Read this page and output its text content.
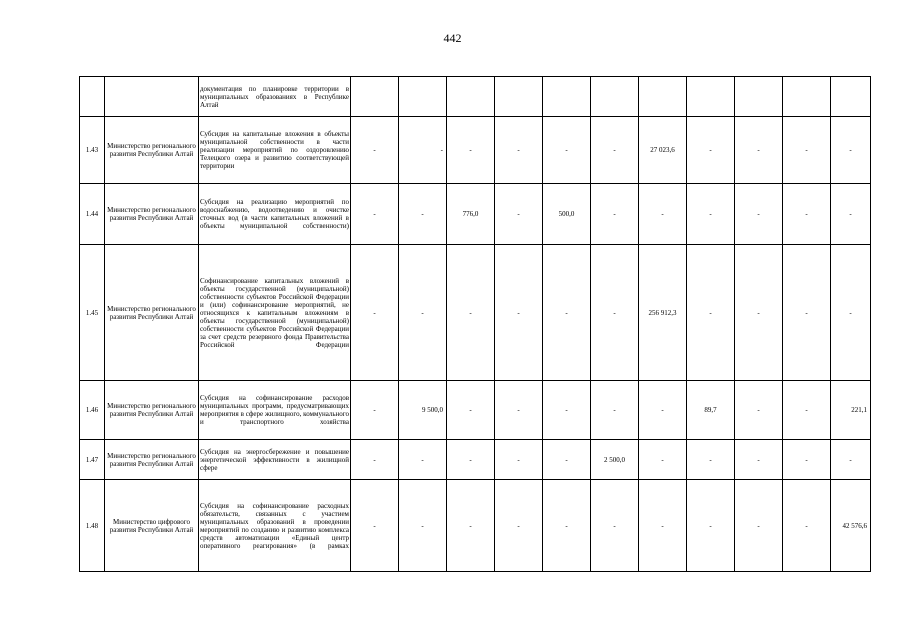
442
		документация по планировке территории в муниципальных образованиях в Республике Алтай											
1.43	Министерство регионального развития Республики Алтай	Субсидия на капитальные вложения в объекты муниципальной собственности в части реализации мероприятий по оздоровлению Телецкого озера и развитию соответствующей территории	-	-	-	-	-	-	27 023,6	-	-	-	-
1.44	Министерство регионального развития Республики Алтай	Субсидия на реализацию мероприятий по водоснабжению, водоотведению и очистке сточных вод (в части капитальных вложений в объекты муниципальной собственности)	-	-	776,0	-	500,0	-	-	-	-	-	-
1.45	Министерство регионального развития Республики Алтай	Софинансирование капитальных вложений в объекты государственной (муниципальной) собственности субъектов Российской Федерации и (или) софинансирование мероприятий, не относящихся к капитальным вложениям в объекты государственной (муниципальной) собственности субъектов Российской Федерации за счет средств резервного фонда Правительства Российской Федерации	-	-	-	-	-	-	256 912,3	-	-	-	-
1.46	Министерство регионального развития Республики Алтай	Субсидия на софинансирование расходов муниципальных программ, предусматривающих мероприятия в сфере жилищного, коммунального и транспортного хозяйства	-	9 500,0	-	-	-	-	-	89,7	-	-	221,1
1.47	Министерство регионального развития Республики Алтай	Субсидия на энергосбережение и повышение энергетической эффективности в жилищной сфере	-	-	-	-	-	2 500,0	-	-	-	-	-
1.48	Министерство цифрового развития Республики Алтай	Субсидия на софинансирование расходных обязательств, связанных с участием муниципальных образований в проведении мероприятий по созданию и развитию комплекса средств автоматизации «Единый центр оперативного реагирования» (в рамках	-	-	-	-	-	-	-	-	-	-	42 576,6
